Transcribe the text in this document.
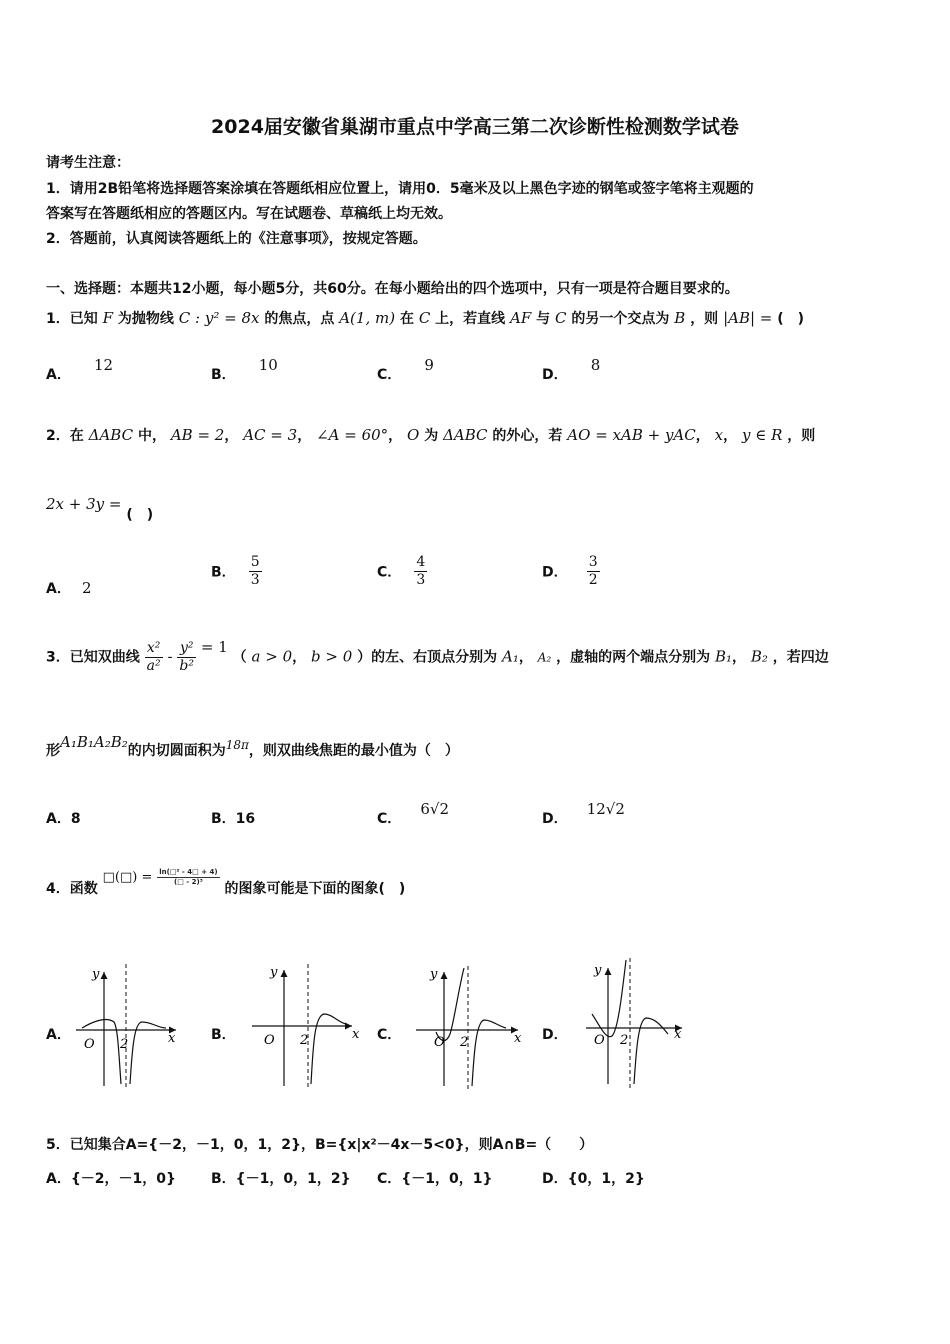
2024届安徽省巢湖市重点中学高三第二次诊断性检测数学试卷
请考生注意：
1．请用2B铅笔将选择题答案涂填在答题纸相应位置上，请用0．5毫米及以上黑色字迹的钢笔或签字笔将主观题的
答案写在答题纸相应的答题区内。写在试题卷、草稿纸上均无效。
2．答题前，认真阅读答题纸上的《注意事项》，按规定答题。
一、选择题：本题共12小题，每小题5分，共60分。在每小题给出的四个选项中，只有一项是符合题目要求的。
1．已知 F 为抛物线 C : y² = 8x 的焦点，点 A(1, m) 在 C 上，若直线 AF 与 C 的另一个交点为 B ，则 |AB| = (　)
A． 12
B． 10
C． 9
D． 8
2．在 ΔABC 中， AB = 2， AC = 3， ∠A = 60°， O 为 ΔABC 的外心，若 AO = xAB + yAC， x， y ∈ R ，则
2x + 3y = (　)
A． 2
B． $\frac{5}{3}$	C． $\frac{4}{3}$	D． $\frac{3}{2}$
3．已知双曲线 $\frac{\text{x²}}{\text{a²}} - \frac{\text{y²}}{\text{b²}} = 1$ （ a > 0， b > 0 ）的左、右顶点分别为 A₁， A₂ ，虚轴的两个端点分别为 B₁， B₂ ，若四边
形A₁B₁A₂B₂的内切圆面积为18π，则双曲线焦距的最小值为（　）
A．8	B．16	C． 6√2
D． 12√2
4．函数 □(□) = $\frac{\text{ln(□² - 4□ + 4)}}{\text{(□ - 2)³}}$ 的图象可能是下面的图象(　)
A．	B．	C．	D．
y
x
O 2
y
x
O 2
y
x
O 2
y
x
O 2
5．已知集合A={－2，－1，0，1，2}，B={x|x²－4x－5<0}，则A∩B=（　　）
A．{－2，－1，0} B．{－1，0，1，2} C．{－1，0，1}	D．{0，1，2}
